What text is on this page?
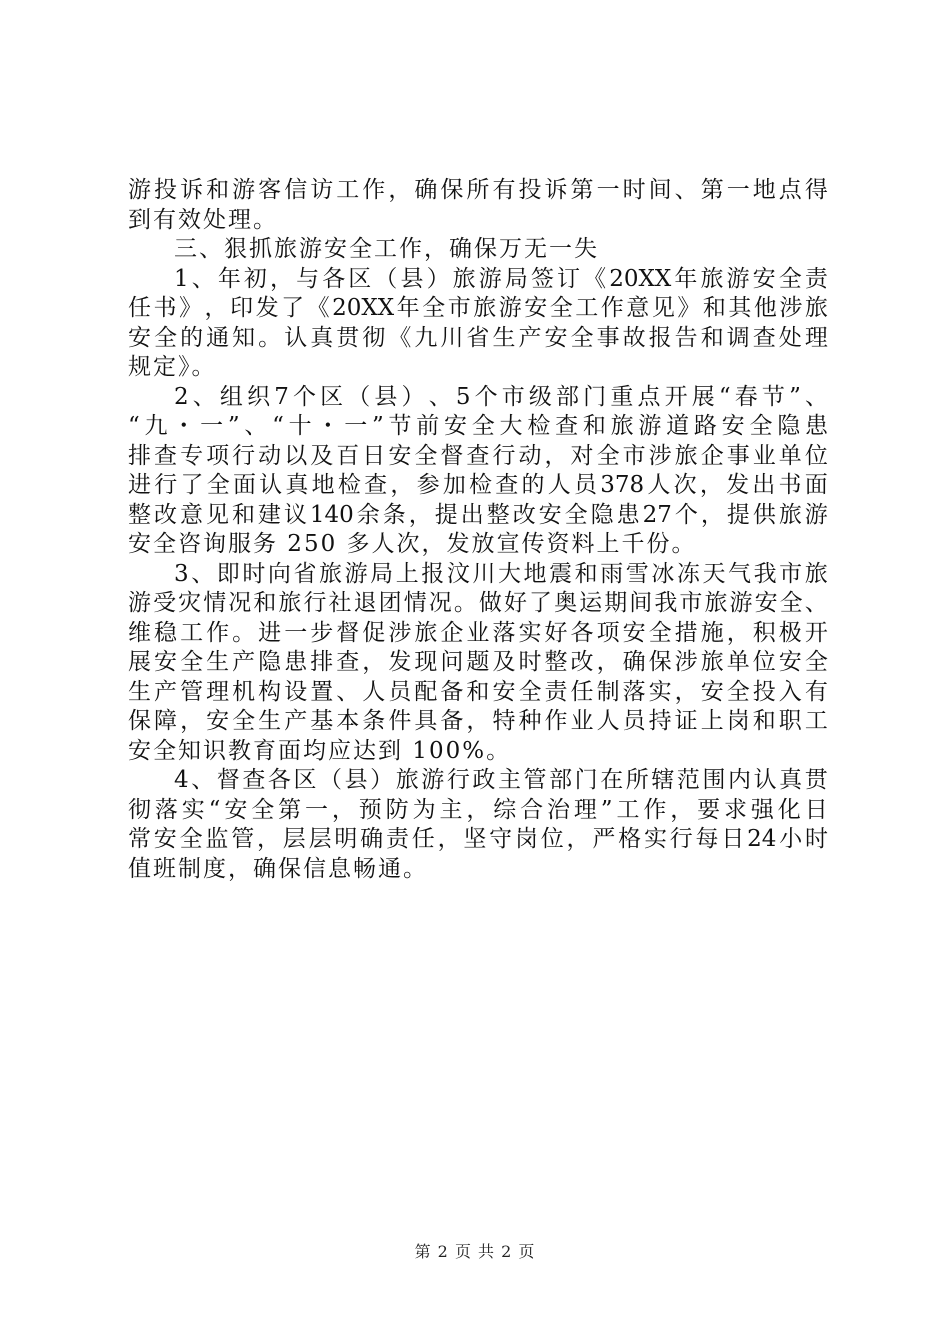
游 投 诉 和 游 客 信 访 工 作 ， 确 保 所 有 投 诉 第 一 时 间 、 第 一 地 点 得
到有效处理。
三、狠抓旅游安全工作，确保万无一失
1 、 年 初 ， 与 各 区 （ 县 ） 旅 游 局 签 订 《 20XX 年 旅 游 安 全 责
任 书 》 ， 印 发 了 《 20XX 年 全 市 旅 游 安 全 工 作 意 见 》 和 其 他 涉 旅
安 全 的 通 知 。 认 真 贯 彻 《 九 川 省 生 产 安 全 事 故 报 告 和 调 查 处 理
规定》。
2 、 组 织 7 个 区 （ 县 ） 、 5 个 市 级 部 门 重 点 开 展 “ 春 节 ” 、
“ 九 ・ 一 ” 、 “ 十 ・ 一 ” 节 前 安 全 大 检 查 和 旅 游 道 路 安 全 隐 患
排 查 专 项 行 动 以 及 百 日 安 全 督 查 行 动 ， 对 全 市 涉 旅 企 事 业 单 位
进 行 了 全 面 认 真 地 检 查 ， 参 加 检 查 的 人 员 378 人 次 ， 发 出 书 面
整 改 意 见 和 建 议 140 余 条 ， 提 出 整 改 安 全 隐 患 27 个 ， 提 供 旅 游
安全咨询服务 250 多人次，发放宣传资料上千份。
3 、 即 时 向 省 旅 游 局 上 报 汶 川 大 地 震 和 雨 雪 冰 冻 天 气 我 市 旅
游 受 灾 情 况 和 旅 行 社 退 团 情 况 。 做 好 了 奥 运 期 间 我 市 旅 游 安 全 、
维 稳 工 作 。 进 一 步 督 促 涉 旅 企 业 落 实 好 各 项 安 全 措 施 ， 积 极 开
展 安 全 生 产 隐 患 排 查 ， 发 现 问 题 及 时 整 改 ， 确 保 涉 旅 单 位 安 全
生 产 管 理 机 构 设 置 、 人 员 配 备 和 安 全 责 任 制 落 实 ， 安 全 投 入 有
保 障 ， 安 全 生 产 基 本 条 件 具 备 ， 特 种 作 业 人 员 持 证 上 岗 和 职 工
安全知识教育面均应达到 100%。
4 、 督 查 各 区 （ 县 ） 旅 游 行 政 主 管 部 门 在 所 辖 范 围 内 认 真 贯
彻 落 实 “ 安 全 第 一 ， 预 防 为 主 ， 综 合 治 理 ” 工 作 ， 要 求 强 化 日
常 安 全 监 管 ， 层 层 明 确 责 任 ， 坚 守 岗 位 ， 严 格 实 行 每 日 24 小 时
值班制度，确保信息畅通。
第 2 页 共 2 页
